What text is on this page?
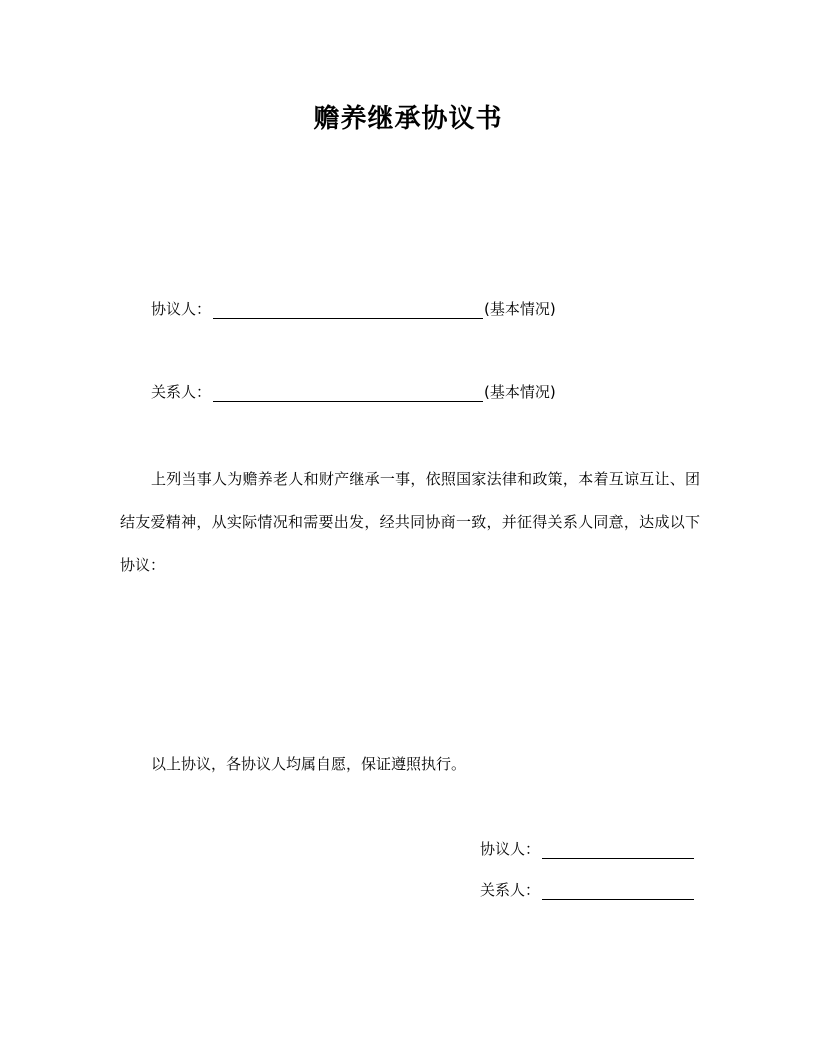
赡养继承协议书
协议人：	(基本情况)
关系人：	(基本情况)
上列当事人为赡养老人和财产继承一事，依照国家法律和政策，本着互谅互让、团结友爱精神，从实际情况和需要出发，经共同协商一致，并征得关系人同意，达成以下协议：
以上协议，各协议人均属自愿，保证遵照执行。
协议人：
关系人：
